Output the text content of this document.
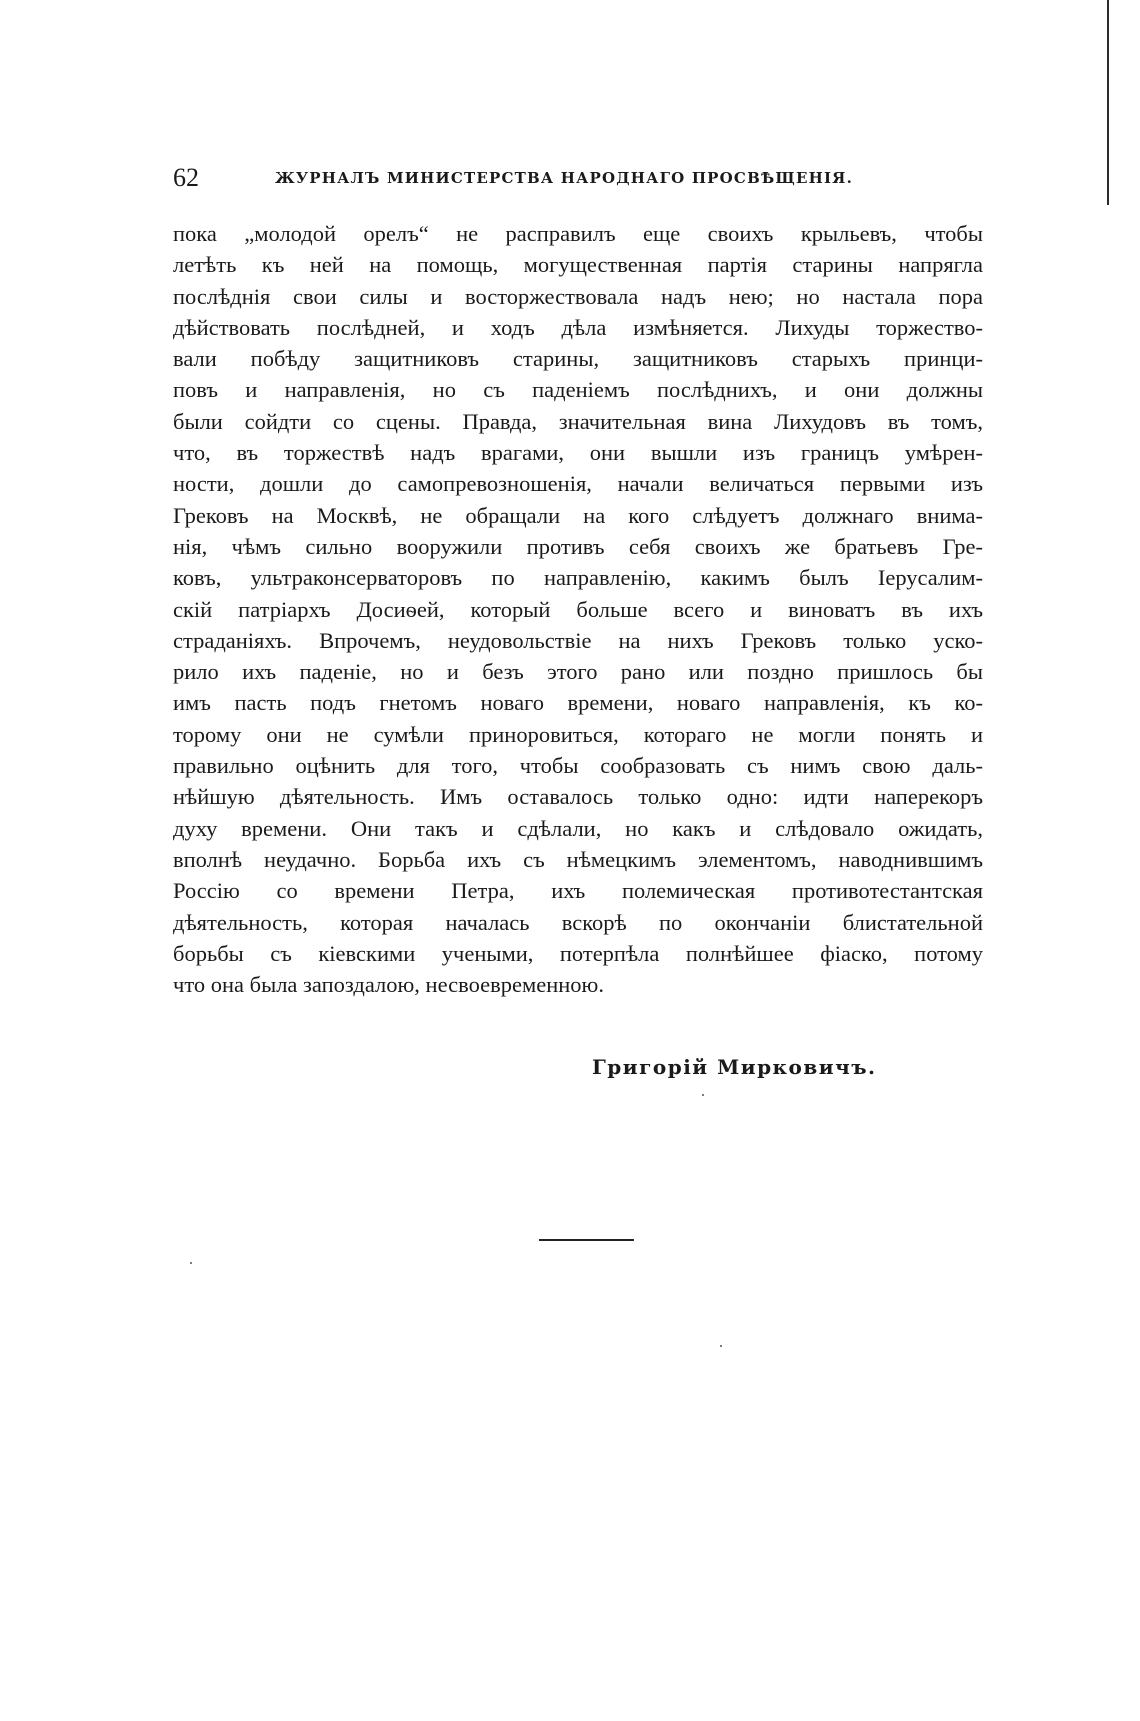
62	ЖУРНАЛЪ МИНИСТЕРСТВА НАРОДНАГО ПРОСВѢЩЕНІЯ.
пока „молодой орелъ“ не расправилъ еще своихъ крыльевъ, чтобы
летѣть къ ней на помощь, могущественная партія старины напрягла
послѣднія свои силы и восторжествовала надъ нею; но настала пора
дѣйствовать послѣдней, и ходъ дѣла измѣняется. Лихуды торжество-
вали побѣду защитниковъ старины, защитниковъ старыхъ принци-
повъ и направленія, но съ паденіемъ послѣднихъ, и они должны
были сойдти со сцены. Правда, значительная вина Лихудовъ въ томъ,
что, въ торжествѣ надъ врагами, они вышли изъ границъ умѣрен-
ности, дошли до самопревозношенія, начали величаться первыми изъ
Грековъ на Москвѣ, не обращали на кого слѣдуетъ должнаго внима-
нія, чѣмъ сильно вооружили противъ себя своихъ же братьевъ Гре-
ковъ, ультраконсерваторовъ по направленію, какимъ былъ Іерусалим-
скій патріархъ Досиѳей, который больше всего и виноватъ въ ихъ
страданіяхъ. Впрочемъ, неудовольствіе на нихъ Грековъ только уско-
рило ихъ паденіе, но и безъ этого рано или поздно пришлось бы
имъ пасть подъ гнетомъ новаго времени, новаго направленія, къ ко-
торому они не сумѣли приноровиться, котораго не могли понять и
правильно оцѣнить для того, чтобы сообразовать съ нимъ свою даль-
нѣйшую дѣятельность. Имъ оставалось только одно: идти наперекоръ
духу времени. Они такъ и сдѣлали, но какъ и слѣдовало ожидать,
вполнѣ неудачно. Борьба ихъ съ нѣмецкимъ элементомъ, наводнившимъ
Россію со времени Петра, ихъ полемическая противотестантская
дѣятельность, которая началась вскорѣ по окончаніи блистательной
борьбы съ кіевскими учеными, потерпѣла полнѣйшее фіаско, потому
что она была запоздалою, несвоевременною.
Григорій Мирковичъ.
